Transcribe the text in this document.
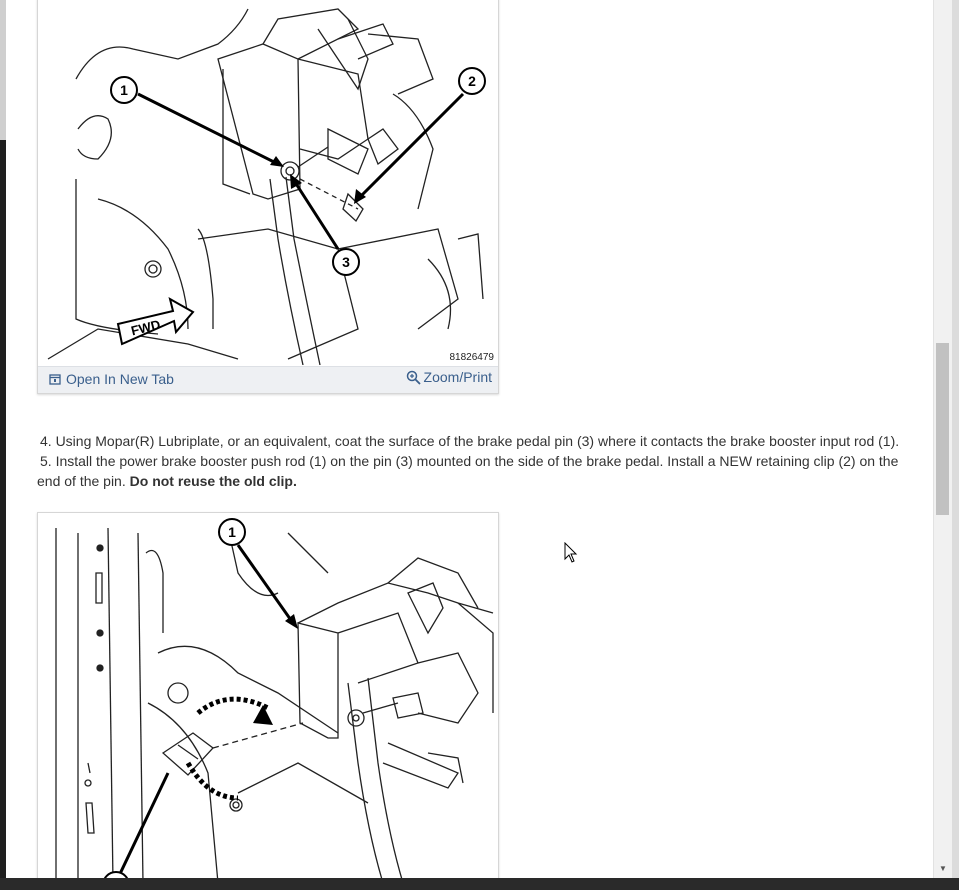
1
2
3
FWD
81826479
Open In New Tab	Zoom/Print
4. Using Mopar(R) Lubriplate, or an equivalent, coat the surface of the brake pedal pin (3) where it contacts the brake booster input rod (1).
5. Install the power brake booster push rod (1) on the pin (3) mounted on the side of the brake pedal. Install a NEW retaining clip (2) on the
end of the pin. Do not reuse the old clip.
1
▼
